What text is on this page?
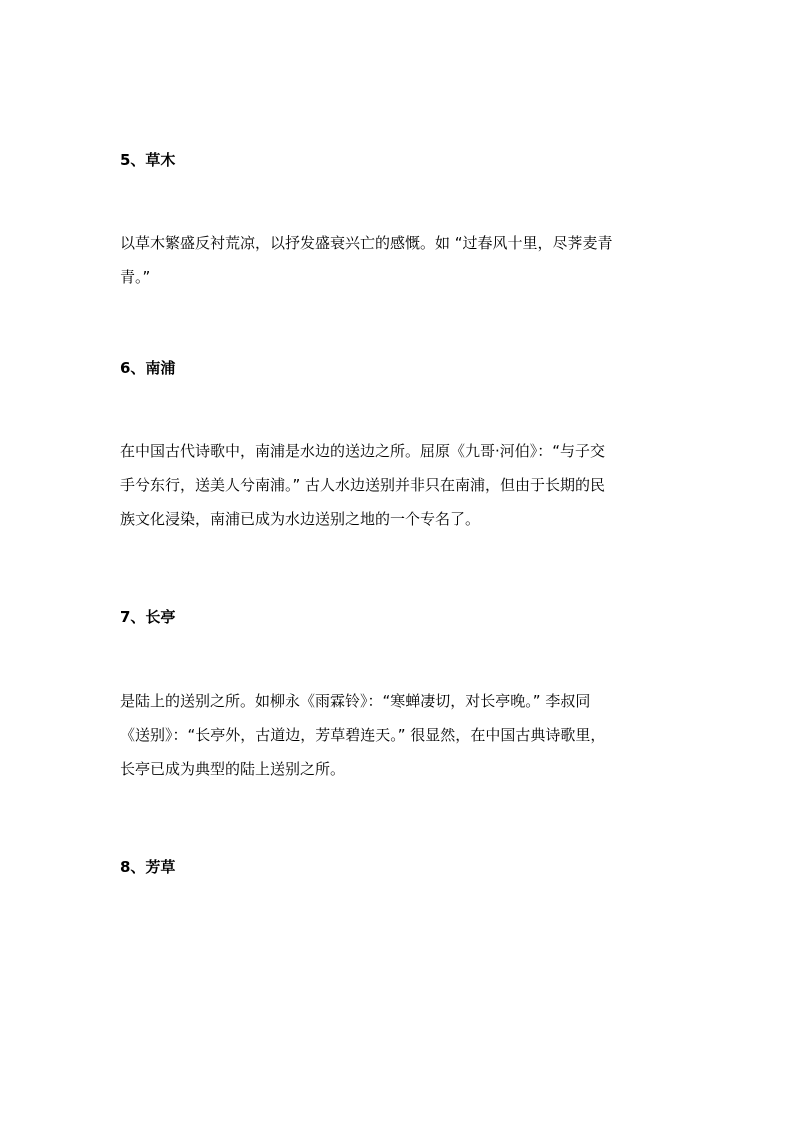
5、草木
以草木繁盛反衬荒凉，以抒发盛衰兴亡的感慨。如 “过春风十里，尽荠麦青
青。”
6、南浦
在中国古代诗歌中，南浦是水边的送边之所。屈原《九哥·河伯》：“与子交
手兮东行，送美人兮南浦。” 古人水边送别并非只在南浦，但由于长期的民
族文化浸染，南浦已成为水边送别之地的一个专名了。
7、长亭
是陆上的送别之所。如柳永《雨霖铃》：“寒蝉凄切，对长亭晚。” 李叔同
《送别》：“长亭外，古道边，芳草碧连天。” 很显然，在中国古典诗歌里，
长亭已成为典型的陆上送别之所。
8、芳草
